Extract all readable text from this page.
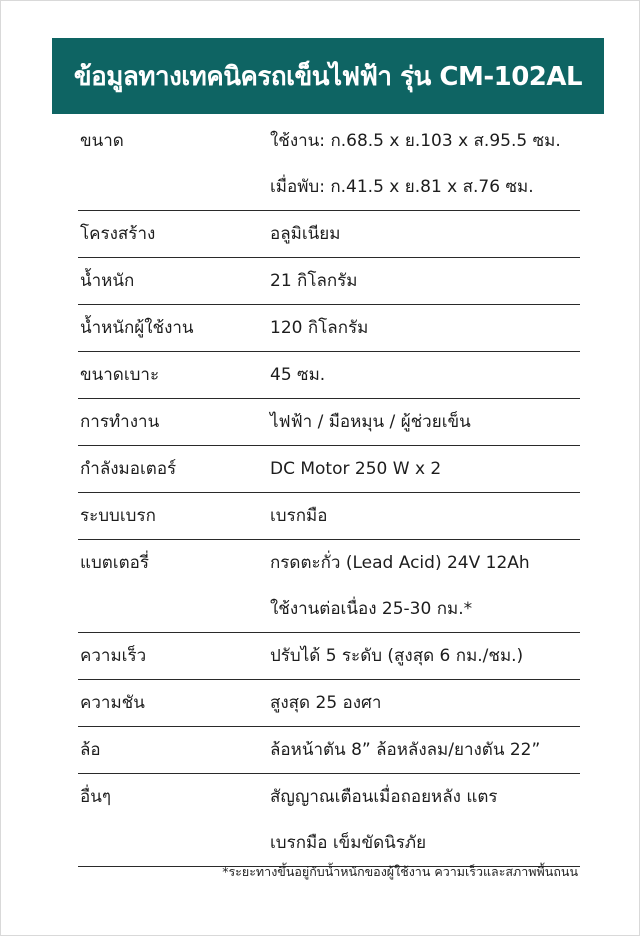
ข้อมูลทางเทคนิครถเข็นไฟฟ้า รุ่น CM-102AL
ขนาด	ใช้งาน: ก.68.5 x ย.103 x ส.95.5 ซม.
เมื่อพับ: ก.41.5 x ย.81 x ส.76 ซม.
โครงสร้าง	อลูมิเนียม
น้ำหนัก	21 กิโลกรัม
น้ำหนักผู้ใช้งาน	120 กิโลกรัม
ขนาดเบาะ	45 ซม.
การทำงาน	ไฟฟ้า / มือหมุน / ผู้ช่วยเข็น
กำลังมอเตอร์	DC Motor 250 W x 2
ระบบเบรก	เบรกมือ
แบตเตอรี่	กรดตะกั่ว (Lead Acid) 24V 12Ah
ใช้งานต่อเนื่อง 25-30 กม.*
ความเร็ว	ปรับได้ 5 ระดับ (สูงสุด 6 กม./ชม.)
ความชัน	สูงสุด 25 องศา
ล้อ	ล้อหน้าตัน 8” ล้อหลังลม/ยางตัน 22”
อื่นๆ	สัญญาณเตือนเมื่อถอยหลัง แตร
เบรกมือ เข็มขัดนิรภัย
*ระยะทางขึ้นอยู่กับน้ำหนักของผู้ใช้งาน ความเร็วและสภาพพื้นถนน
